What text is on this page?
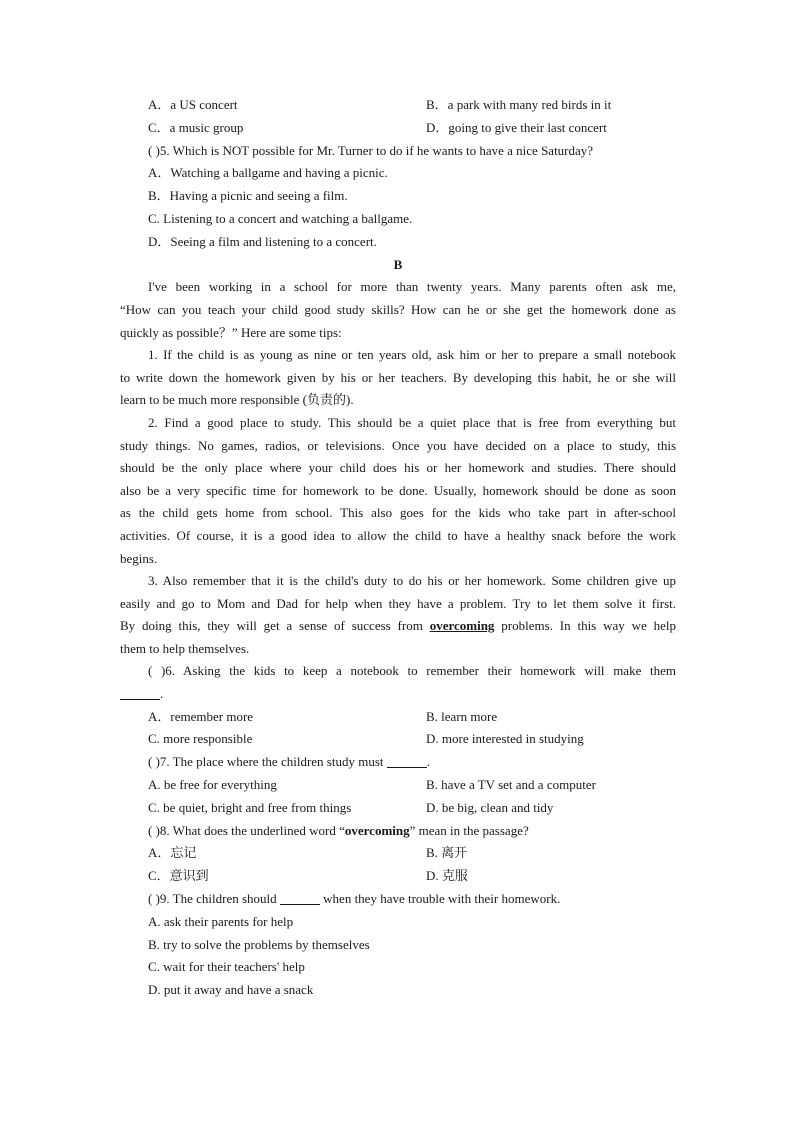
A．a US concert	B．a park with many red birds in it
C．a music group	D．going to give their last concert
( )5. Which is NOT possible for Mr. Turner to do if he wants to have a nice Saturday?
A．Watching a ballgame and having a picnic.
B．Having a picnic and seeing a film.
C. Listening to a concert and watching a ballgame.
D．Seeing a film and listening to a concert.
B
I've been working in a school for more than twenty years. Many parents often ask me,
“How can you teach your child good study skills? How can he or she get the homework done as
quickly as possible？” Here are some tips:
1. If the child is as young as nine or ten years old, ask him or her to prepare a small notebook
to write down the homework given by his or her teachers. By developing this habit, he or she will
learn to be much more responsible (负责的).
2. Find a good place to study. This should be a quiet place that is free from everything but
study things. No games, radios, or televisions. Once you have decided on a place to study, this
should be the only place where your child does his or her homework and studies. There should
also be a very specific time for homework to be done. Usually, homework should be done as soon
as the child gets home from school. This also goes for the kids who take part in after-school
activities. Of course, it is a good idea to allow the child to have a healthy snack before the work
begins.
3. Also remember that it is the child's duty to do his or her homework. Some children give up
easily and go to Mom and Dad for help when they have a problem. Try to let them solve it first.
By doing this, they will get a sense of success from overcoming problems. In this way we help
them to help themselves.
( )6. Asking the kids to keep a notebook to remember their homework will make them
.
A．remember more	B. learn more
C. more responsible	D. more interested in studying
( )7. The place where the children study must	.
A. be free for everything	B. have a TV set and a computer
C. be quiet, bright and free from things	D. be big, clean and tidy
( )8. What does the underlined word “overcoming” mean in the passage?
A．忘记	B. 离开
C．意识到	D. 克服
( )9. The children should	when they have trouble with their homework.
A. ask their parents for help
B. try to solve the problems by themselves
C. wait for their teachers' help
D. put it away and have a snack
